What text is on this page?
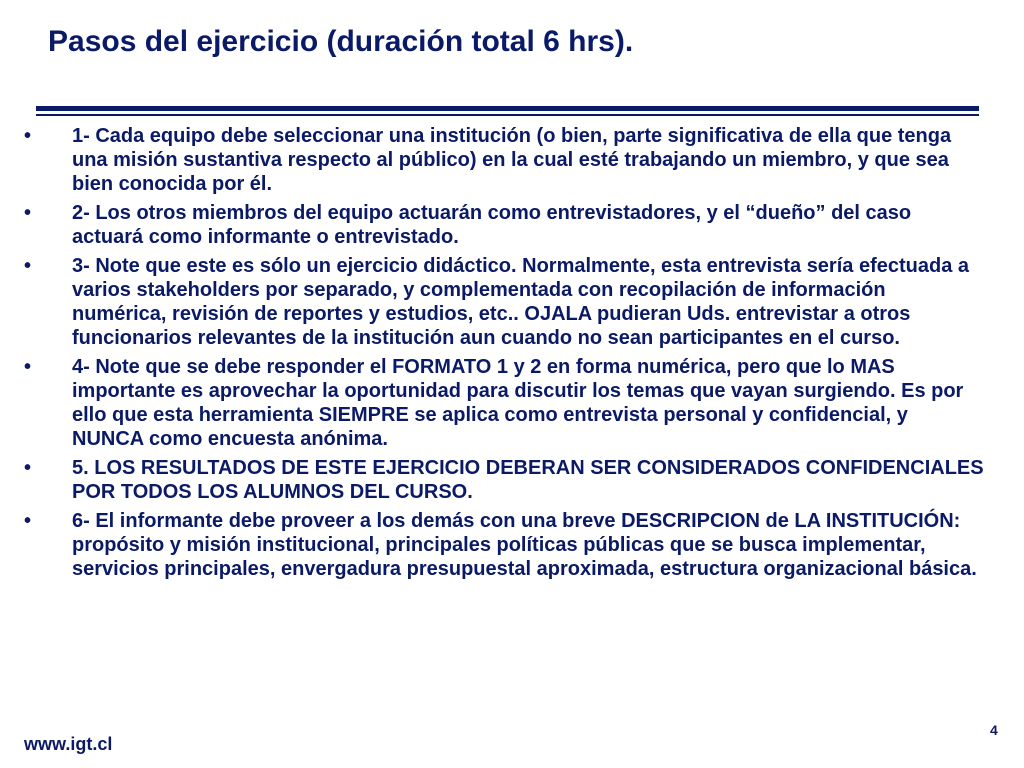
Pasos del ejercicio (duración total 6 hrs).
• 1- Cada equipo debe seleccionar una institución (o bien, parte significativa de ella que tenga una misión sustantiva respecto al público) en la cual esté trabajando un miembro, y que sea bien conocida por él.
• 2- Los otros miembros del equipo actuarán como entrevistadores, y el “dueño” del caso actuará como informante o entrevistado.
• 3- Note que este es sólo un ejercicio didáctico. Normalmente, esta entrevista sería efectuada a varios stakeholders por separado, y complementada con recopilación de información numérica, revisión de reportes y estudios, etc.. OJALA pudieran Uds. entrevistar a otros funcionarios relevantes de la institución aun cuando no sean participantes en el curso.
• 4- Note que se debe responder el FORMATO 1 y 2 en forma numérica, pero que lo MAS importante es aprovechar la oportunidad para discutir los temas que vayan surgiendo. Es por ello que esta herramienta SIEMPRE se aplica como entrevista personal y confidencial, y NUNCA como encuesta anónima.
• 5. LOS RESULTADOS DE ESTE EJERCICIO DEBERAN SER CONSIDERADOS CONFIDENCIALES POR TODOS LOS ALUMNOS DEL CURSO.
• 6- El informante debe proveer a los demás con una breve DESCRIPCION de LA INSTITUCIÓN: propósito y misión institucional, principales políticas públicas que se busca implementar, servicios principales, envergadura presupuestal aproximada, estructura organizacional básica.
www.igt.cl
4
